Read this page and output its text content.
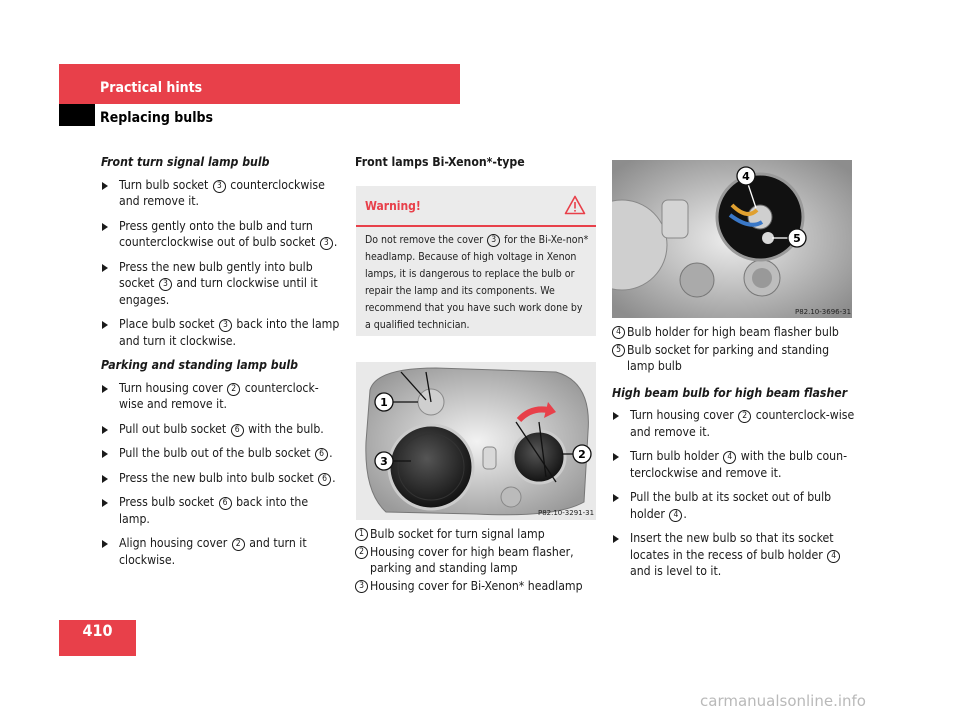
Practical hints
Replacing bulbs
410
Front turn signal lamp bulb
Turn bulb socket 3 counterclockwise and remove it.
Press gently onto the bulb and turn counterclockwise out of bulb socket 3 .
Press the new bulb gently into bulb socket 3 and turn clockwise until it engages.
Place bulb socket 3 back into the lamp and turn it clockwise.
Parking and standing lamp bulb
Turn housing cover 2 counterclock-wise and remove it.
Pull out bulb socket 6 with the bulb.
Pull the bulb out of the bulb socket 6 .
Press the new bulb into bulb socket 6 .
Press bulb socket 6 back into the lamp.
Align housing cover 2 and turn it clockwise.
Front lamps Bi-Xenon*-type
Warning!
Do not remove the cover 3 for the Bi-Xe-non* headlamp. Because of high voltage in Xenon lamps, it is dangerous to replace the bulb or repair the lamp and its components. We recommend that you have such work done by a qualified technician.
1
3
2
P82.10-3291-31
1 Bulb socket for turn signal lamp
2 Housing cover for high beam flasher, parking and standing lamp
3 Housing cover for Bi-Xenon* headlamp
4
5
P82.10-3696-31
4 Bulb holder for high beam flasher bulb
5 Bulb socket for parking and standing lamp bulb
High beam bulb for high beam flasher
Turn housing cover 2 counterclock-wise and remove it.
Turn bulb holder 4 with the bulb coun-terclockwise and remove it.
Pull the bulb at its socket out of bulb holder 4 .
Insert the new bulb so that its socket locates in the recess of bulb holder 4 and is level to it.
carmanualsonline.info
